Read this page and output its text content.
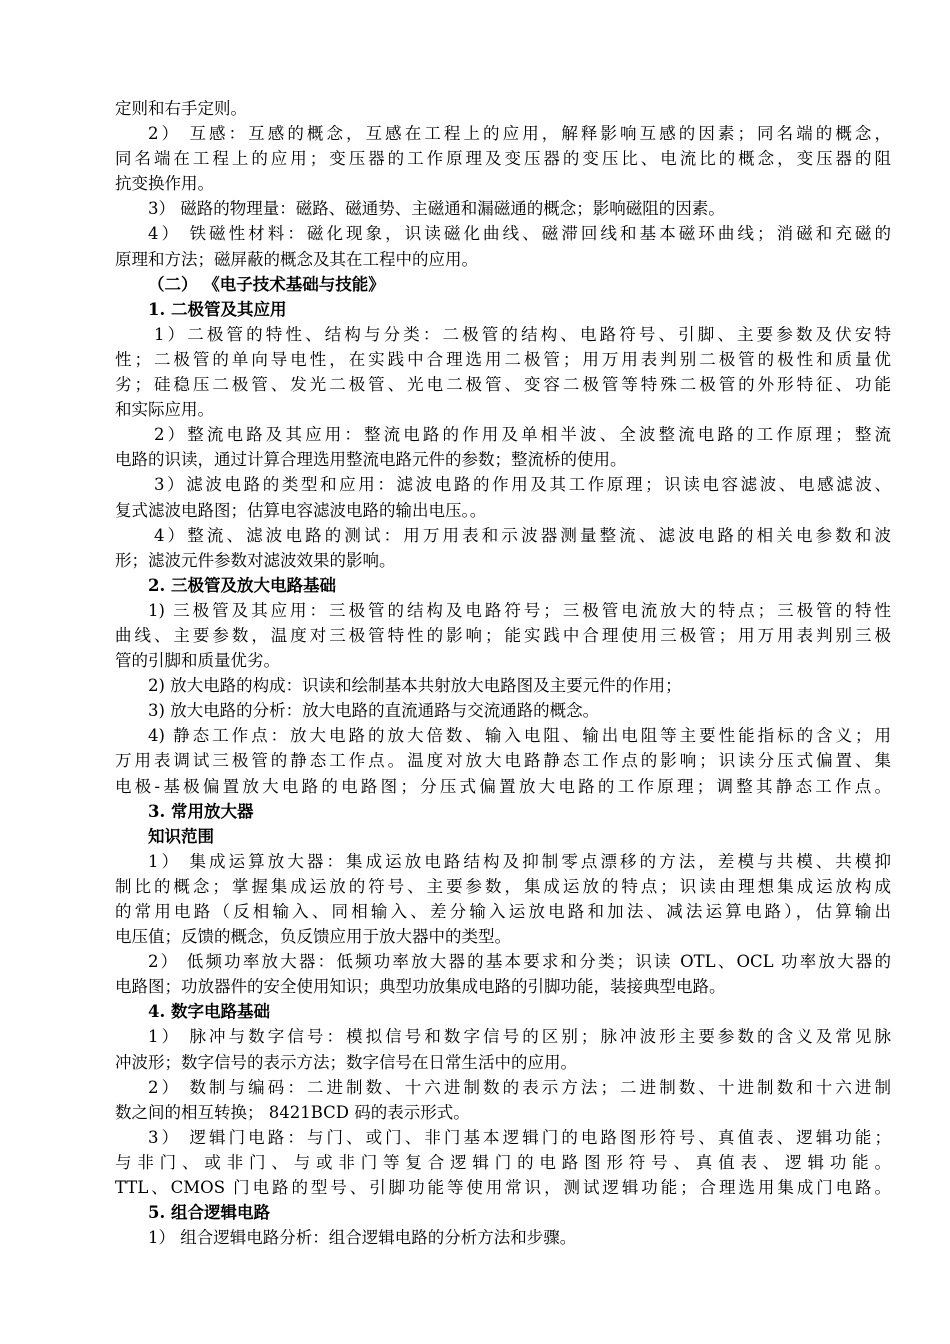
定则和右手定则。
2） 互感：互感的概念，互感在工程上的应用，解释影响互感的因素；同名端的概念，
同名端在工程上的应用；变压器的工作原理及变压器的变压比、电流比的概念，变压器的阻
抗变换作用。
3） 磁路的物理量：磁路、磁通势、主磁通和漏磁通的概念；影响磁阻的因素。
4） 铁磁性材料：磁化现象，识读磁化曲线、磁滞回线和基本磁环曲线；消磁和充磁的
原理和方法；磁屏蔽的概念及其在工程中的应用。
（二） 《电子技术基础与技能》
1. 二极管及其应用
1）二极管的特性、结构与分类：二极管的结构、电路符号、引脚、主要参数及伏安特
性；二极管的单向导电性，在实践中合理选用二极管；用万用表判别二极管的极性和质量优
劣；硅稳压二极管、发光二极管、光电二极管、变容二极管等特殊二极管的外形特征、功能
和实际应用。
2）整流电路及其应用：整流电路的作用及单相半波、全波整流电路的工作原理；整流
电路的识读，通过计算合理选用整流电路元件的参数；整流桥的使用。
3）滤波电路的类型和应用：滤波电路的作用及其工作原理；识读电容滤波、电感滤波、
复式滤波电路图；估算电容滤波电路的输出电压。。
4）整流、滤波电路的测试：用万用表和示波器测量整流、滤波电路的相关电参数和波
形；滤波元件参数对滤波效果的影响。
2. 三极管及放大电路基础
1) 三极管及其应用：三极管的结构及电路符号；三极管电流放大的特点；三极管的特性
曲线、主要参数，温度对三极管特性的影响；能实践中合理使用三极管；用万用表判别三极
管的引脚和质量优劣。
2) 放大电路的构成：识读和绘制基本共射放大电路图及主要元件的作用；
3) 放大电路的分析：放大电路的直流通路与交流通路的概念。
4) 静态工作点：放大电路的放大倍数、输入电阻、输出电阻等主要性能指标的含义；用
万用表调试三极管的静态工作点。温度对放大电路静态工作点的影响；识读分压式偏置、集
电极-基极偏置放大电路的电路图；分压式偏置放大电路的工作原理；调整其静态工作点。
3. 常用放大器
知识范围
1） 集成运算放大器：集成运放电路结构及抑制零点漂移的方法，差模与共模、共模抑
制比的概念；掌握集成运放的符号、主要参数，集成运放的特点；识读由理想集成运放构成
的常用电路（反相输入、同相输入、差分输入运放电路和加法、减法运算电路），估算输出
电压值；反馈的概念，负反馈应用于放大器中的类型。
2） 低频功率放大器：低频功率放大器的基本要求和分类；识读 OTL、OCL 功率放大器的
电路图；功放器件的安全使用知识；典型功放集成电路的引脚功能，装接典型电路。
4. 数字电路基础
1） 脉冲与数字信号：模拟信号和数字信号的区别；脉冲波形主要参数的含义及常见脉
冲波形；数字信号的表示方法；数字信号在日常生活中的应用。
2） 数制与编码：二进制数、十六进制数的表示方法；二进制数、十进制数和十六进制
数之间的相互转换； 8421BCD 码的表示形式。
3） 逻辑门电路：与门、或门、非门基本逻辑门的电路图形符号、真值表、逻辑功能；
与非门、或非门、与或非门等复合逻辑门的电路图形符号、真值表、逻辑功能。
TTL、CMOS 门电路的型号、引脚功能等使用常识，测试逻辑功能；合理选用集成门电路。
5. 组合逻辑电路
1） 组合逻辑电路分析：组合逻辑电路的分析方法和步骤。
